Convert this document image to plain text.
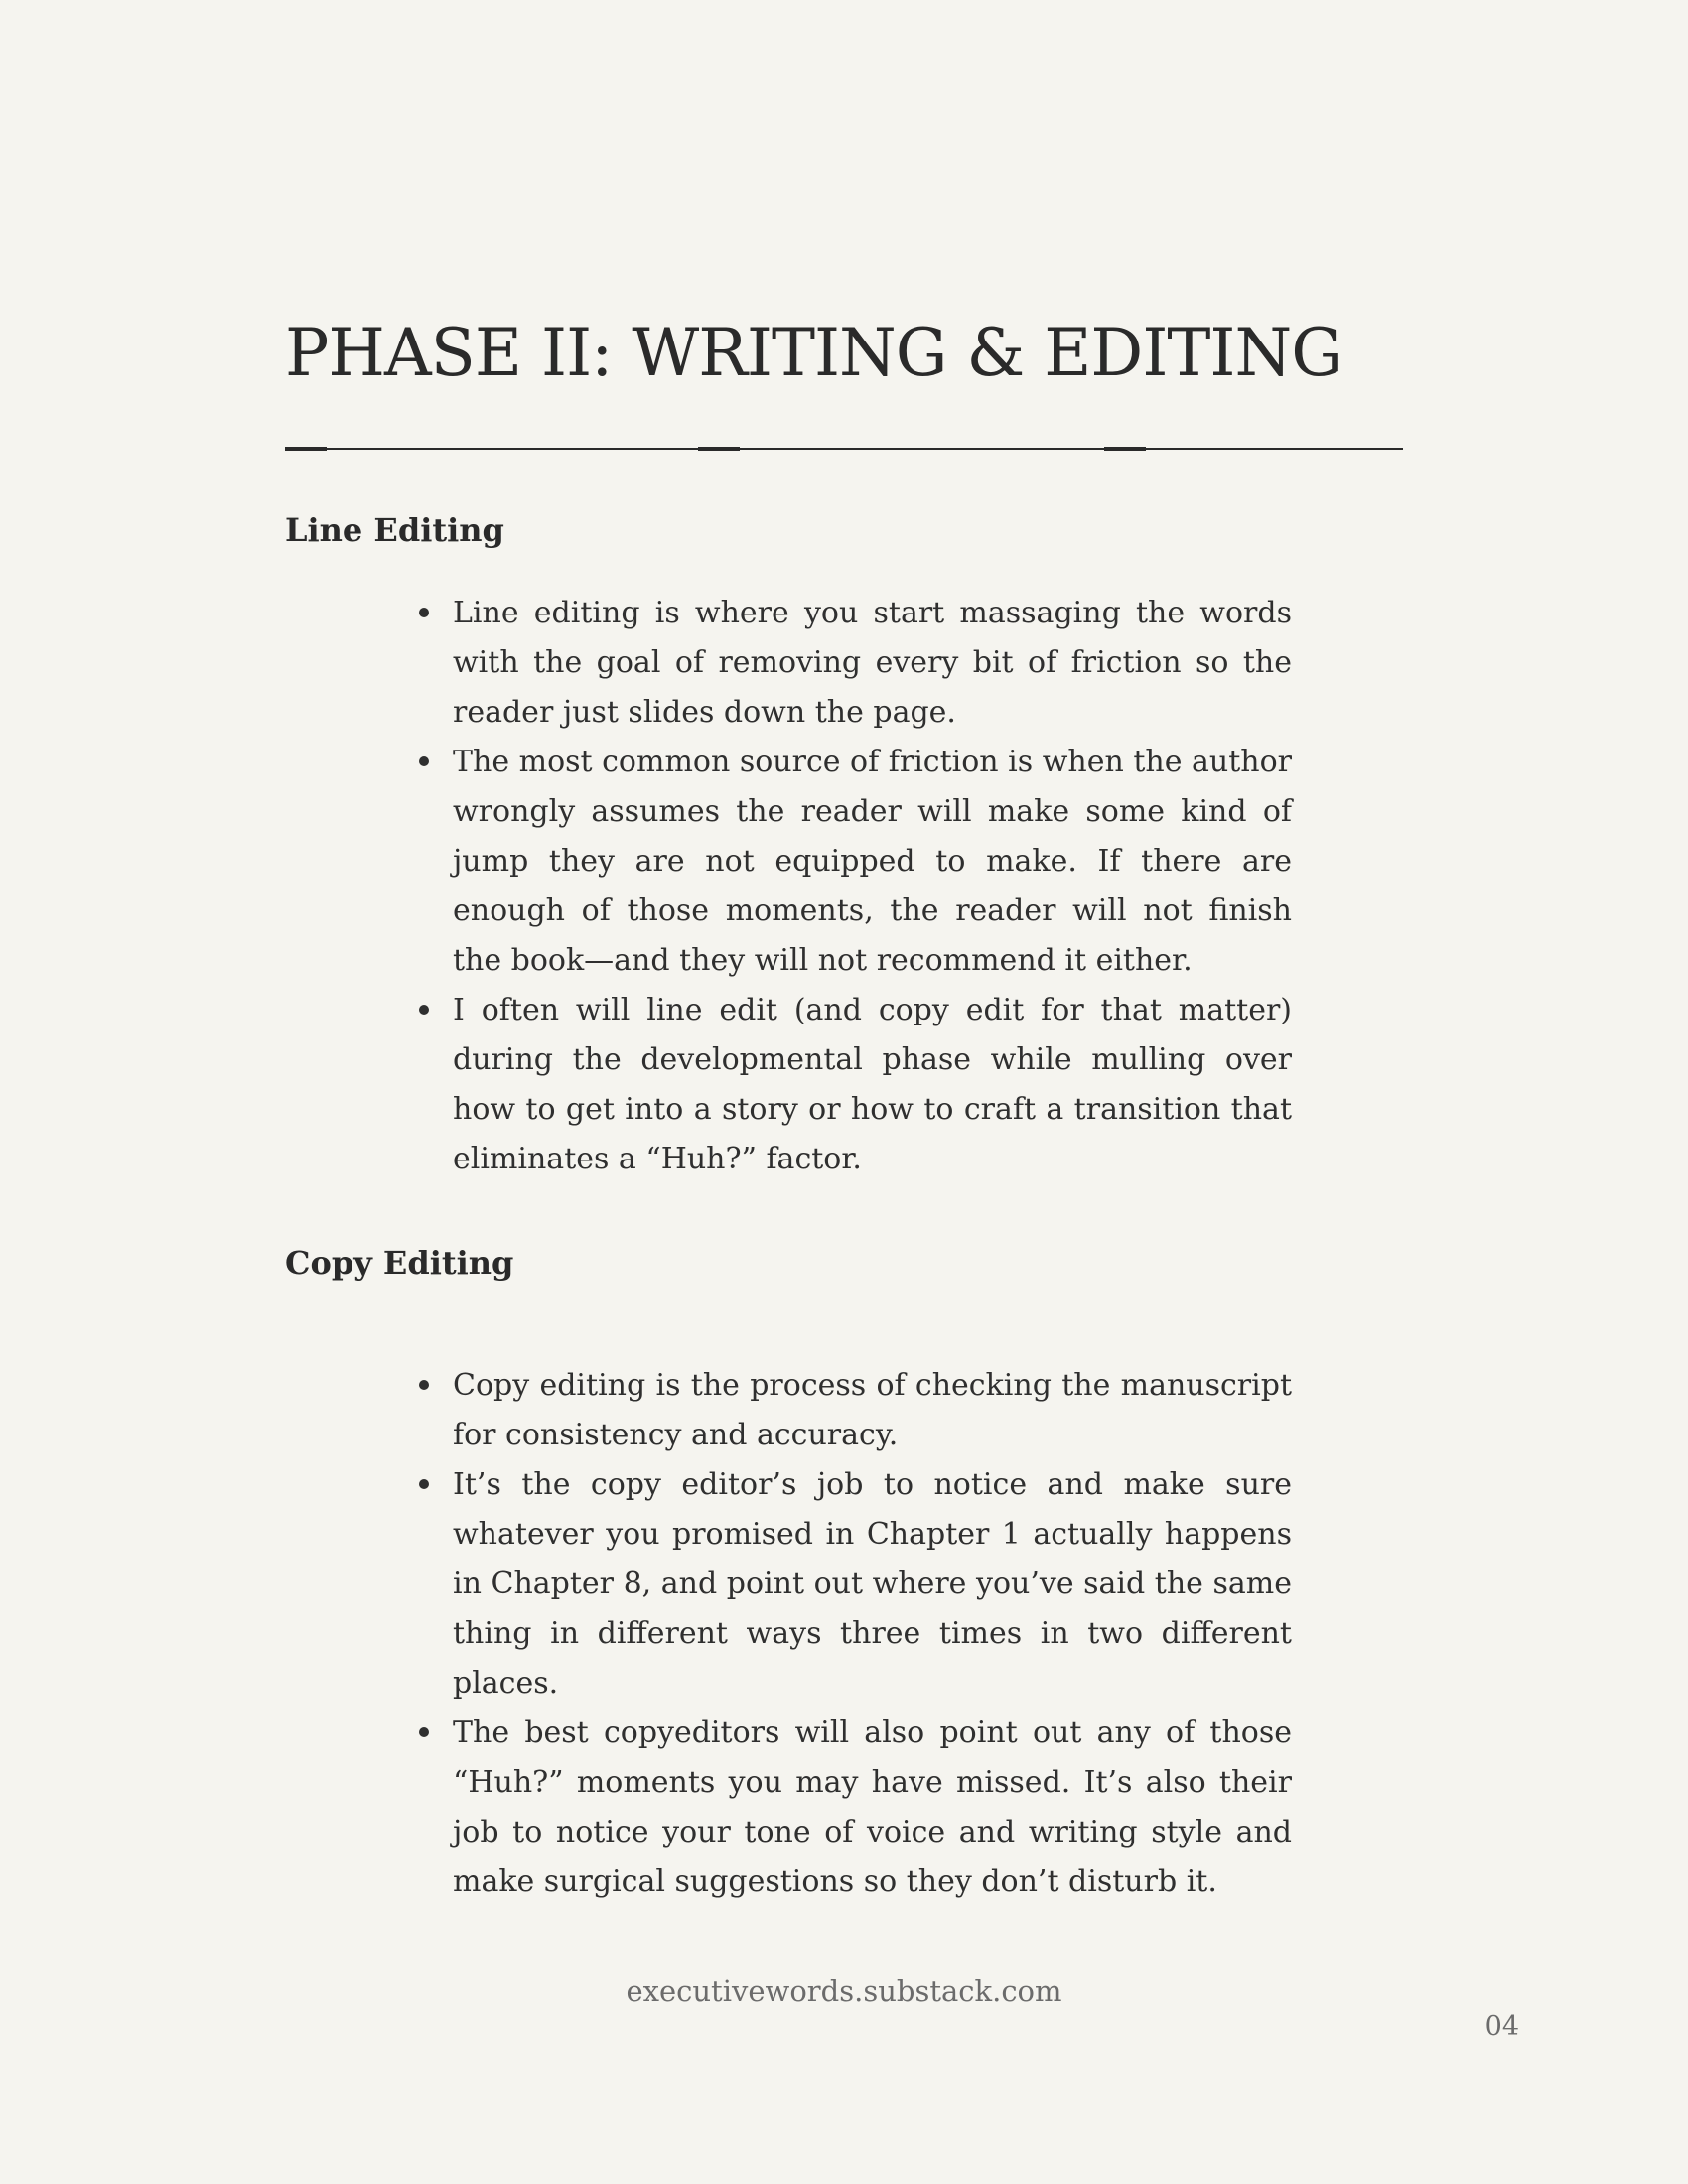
PHASE II: WRITING & EDITING
Line Editing
Line editing is where you start massaging the words with the goal of removing every bit of friction so the reader just slides down the page.
The most common source of friction is when the author wrongly assumes the reader will make some kind of jump they are not equipped to make. If there are enough of those moments, the reader will not finish the book—and they will not recommend it either.
I often will line edit (and copy edit for that matter) during the developmental phase while mulling over how to get into a story or how to craft a transition that eliminates a “Huh?” factor.
Copy Editing
Copy editing is the process of checking the manuscript for consistency and accuracy.
It’s the copy editor’s job to notice and make sure whatever you promised in Chapter 1 actually happens in Chapter 8, and point out where you’ve said the same thing in different ways three times in two different places.
The best copyeditors will also point out any of those “Huh?” moments you may have missed. It’s also their job to notice your tone of voice and writing style and make surgical suggestions so they don’t disturb it.
executivewords.substack.com
04
